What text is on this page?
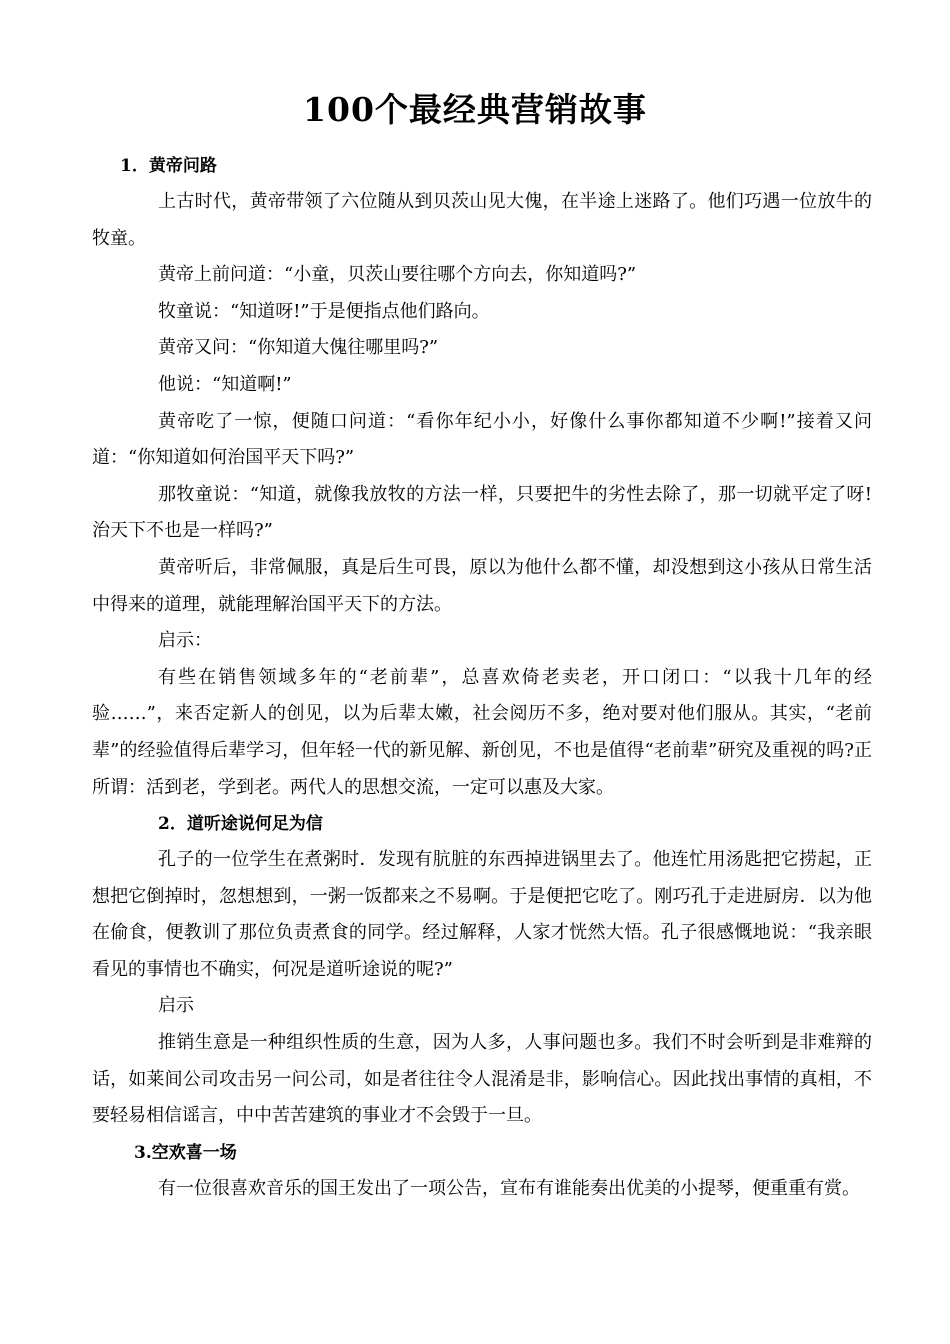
100个最经典营销故事
1．黄帝问路

上古时代，黄帝带领了六位随从到贝茨山见大傀，在半途上迷路了。他们巧遇一位放牛的牧童。

黄帝上前问道：“小童，贝茨山要往哪个方向去，你知道吗?”

牧童说：“知道呀!”于是便指点他们路向。

黄帝又问：“你知道大傀往哪里吗?”

他说：“知道啊!”

黄帝吃了一惊，便随口问道：“看你年纪小小，好像什么事你都知道不少啊!”接着又问道：“你知道如何治国平天下吗?”

那牧童说：“知道，就像我放牧的方法一样，只要把牛的劣性去除了，那一切就平定了呀!治天下不也是一样吗?”

黄帝听后，非常佩服，真是后生可畏，原以为他什么都不懂，却没想到这小孩从日常生活中得来的道理，就能理解治国平天下的方法。

启示：

有些在销售领域多年的“老前辈”，总喜欢倚老卖老，开口闭口：“以我十几年的经验……”，来否定新人的创见，以为后辈太嫩，社会阅历不多，绝对要对他们服从。其实，“老前辈”的经验值得后辈学习，但年轻一代的新见解、新创见，不也是值得“老前辈”研究及重视的吗?正所谓：活到老，学到老。两代人的思想交流，一定可以惠及大家。

2．道听途说何足为信

孔子的一位学生在煮粥时．发现有肮脏的东西掉进锅里去了。他连忙用汤匙把它捞起，正想把它倒掉时，忽想想到，一粥一饭都来之不易啊。于是便把它吃了。刚巧孔于走进厨房．以为他在偷食，便教训了那位负责煮食的同学。经过解释，人家才恍然大悟。孔子很感慨地说：“我亲眼看见的事情也不确实，何况是道听途说的呢?”

启示

推销生意是一种组织性质的生意，因为人多，人事问题也多。我们不时会听到是非难辩的话，如莱间公司攻击另一问公司，如是者往往令人混淆是非，影响信心。因此找出事情的真相，不要轻易相信谣言，中中苦苦建筑的事业才不会毁于一旦。

3.空欢喜一场

有一位很喜欢音乐的国王发出了一项公告，宣布有谁能奏出优美的小提琴，便重重有赏。
